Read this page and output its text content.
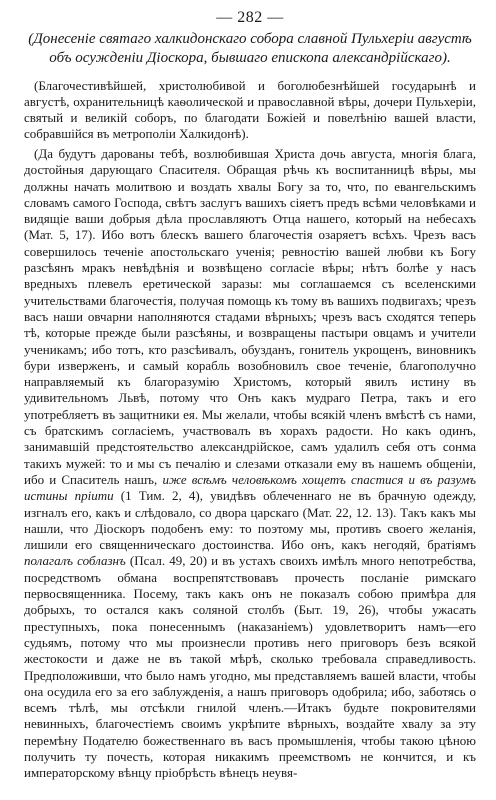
— 282 —

(Донесенiе святаго халкидонскаго собора славной Пульхерiи августѣ
объ осужденiи Дiоскора, бывшаго епископа александрiйскаго).

(Благочестивѣйшей, христолюбивой и боголюбезнѣйшей государынѣ и августѣ, охранительницѣ каѳолической и православной вѣры, дочери Пульхерiи, святый и великiй соборъ, по благодати Божiей и повелѣнiю вашей власти, собравшiйся въ метрополiи Халкидонѣ).

(Да будутъ дарованы тебѣ, возлюбившая Христа дочь августа, многiя блага, достойныя дарующаго Спасителя. Обращая рѣчь къ воспитанницѣ вѣры, мы должны начать молитвою и воздать хвалы Богу за то, что, по евангельскимъ словамъ самого Господа, свѣтъ заслугъ вашихъ сiяетъ предъ всѣми человѣками и видящiе ваши добрыя дѣла прославляютъ Отца нашего, который на небесахъ (Мат. 5, 17). Ибо вотъ блескъ вашего благочестiя озаряетъ всѣхъ. Чрезъ васъ совершилось теченiе апостольскаго ученiя; ревностiю вашей любви къ Богу разсѣянъ мракъ невѣдѣнiя и возвѣщено согласiе вѣры; нѣтъ болѣе у насъ вредныхъ плевелъ еретической заразы: мы соглашаемся съ вселенскими учительствами благочестiя, получая помощь къ тому въ вашихъ подвигахъ; чрезъ васъ наши овчарни наполняются стадами вѣрныхъ; чрезъ васъ сходятся теперь тѣ, которые прежде были разсѣяны, и возвращены пастыри овцамъ и учители ученикамъ; ибо тотъ, кто разсѣивалъ, обузданъ, гонитель укрощенъ, виновникъ бури изверженъ, и самый корабль возобновилъ свое теченiе, благополучно направляемый къ благоразумiю Христомъ, который явилъ истину въ удивительномъ Львѣ, потому что Онъ какъ мудраго Петра, такъ и его употребляетъ въ защитники ея. Мы желали, чтобы всякiй членъ вмѣстѣ съ нами, съ братскимъ согласiемъ, участвовалъ въ хорахъ радости. Но какъ одинъ, занимавшiй предстоятельство александрiйское, самъ удалилъ себя отъ сонма такихъ мужей: то и мы съ печалiю и слезами отказали ему въ нашемъ общенiи, ибо и Спаситель нашъ, иже всѣмъ человѣкомъ хощетъ спастися и въ разумъ истины прiити (1 Тим. 2, 4), увидѣвъ облеченнаго не въ брачную одежду, изгналъ его, какъ и слѣдовало, со двора царскаго (Мат. 22, 12. 13). Такъ какъ мы нашли, что Дiоскоръ подобенъ ему: то поэтому мы, противъ своего желанiя, лишили его священническаго достоинства. Ибо онъ, какъ негодяй, братiямъ полагалъ соблазнъ (Псал. 49, 20) и въ устахъ своихъ имѣлъ много непотребства, посредствомъ обмана воспрепятствовавъ прочесть посланiе римскаго первосвященника. Посему, такъ какъ онъ не показалъ собою примѣра для добрыхъ, то остался какъ соляной столбъ (Быт. 19, 26), чтобы ужасать преступныхъ, пока понесеннымъ (наказанiемъ) удовлетворитъ намъ—его судьямъ, потому что мы произнесли противъ него приговоръ безъ всякой жестокости и даже не въ такой мѣрѣ, сколько требовала справедливость. Предположивши, что было намъ угодно, мы представляемъ вашей власти, чтобы она осудила его за его заблужденiя, а нашъ приговоръ одобрила; ибо, заботясь о всемъ тѣлѣ, мы отсѣкли гнилой членъ.—Итакъ будьте покровителями невинныхъ, благочестiемъ своимъ укрѣпите вѣрныхъ, воздайте хвалу за эту перемѣну Подателю божественнаго въ васъ промышленiя, чтобы такою цѣною получить ту почесть, которая никакимъ преемствомъ не кончится, и къ императорскому вѣнцу прiобрѣсть вѣнецъ неувя-
